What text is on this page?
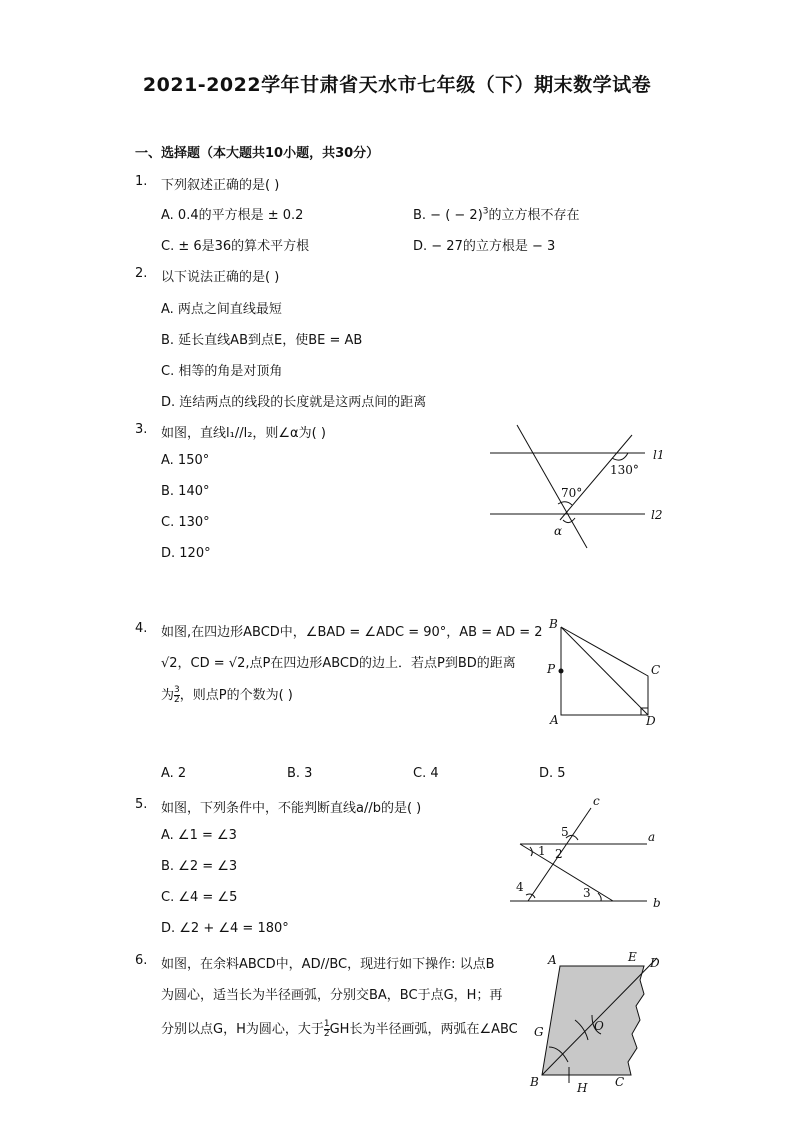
2021-2022学年甘肃省天水市七年级（下）期末数学试卷
一、选择题（本大题共10小题，共30分）
1. 下列叙述正确的是( )
A. 0.4的平方根是 ± 0.2	B. − ( − 2)$^3$的立方根不存在
C. ± 6是36的算术平方根	D. − 27的立方根是 − 3
2. 以下说法正确的是( )
A. 两点之间直线最短
B. 延长直线AB到点E，使BE = AB
C. 相等的角是对顶角
D. 连结两点的线段的长度就是这两点间的距离
3. 如图，直线l₁//l₂，则∠α为( )
A. 150°
B. 140°
C. 130°
D. 120°
l1
l2
130°
70°
α
4. 如图,在四边形ABCD中，∠BAD = ∠ADC = 90°，AB = AD = 2
√2，CD = √2,点P在四边形ABCD的边上．若点P到BD的距离
为 $\frac{3}{2}$ ，则点P的个数为( )
A. 2	B. 3	C. 4	D. 5
B
C
P
A	D
5. 如图，下列条件中，不能判断直线a//b的是( )
A. ∠1 = ∠3
B. ∠2 = ∠3
C. ∠4 = ∠5
D. ∠2 + ∠4 = 180°
c
a
b
1 2
3
4
5
6. 如图，在余料ABCD中，AD//BC，现进行如下操作: 以点B
为圆心，适当长为半径画弧，分别交BA，BC于点G，H；再
分别以点G，H为圆心，大于 $\frac{1}{2}$ GH长为半径画弧，两弧在∠ABC
A	E D
G	O
B	H C
